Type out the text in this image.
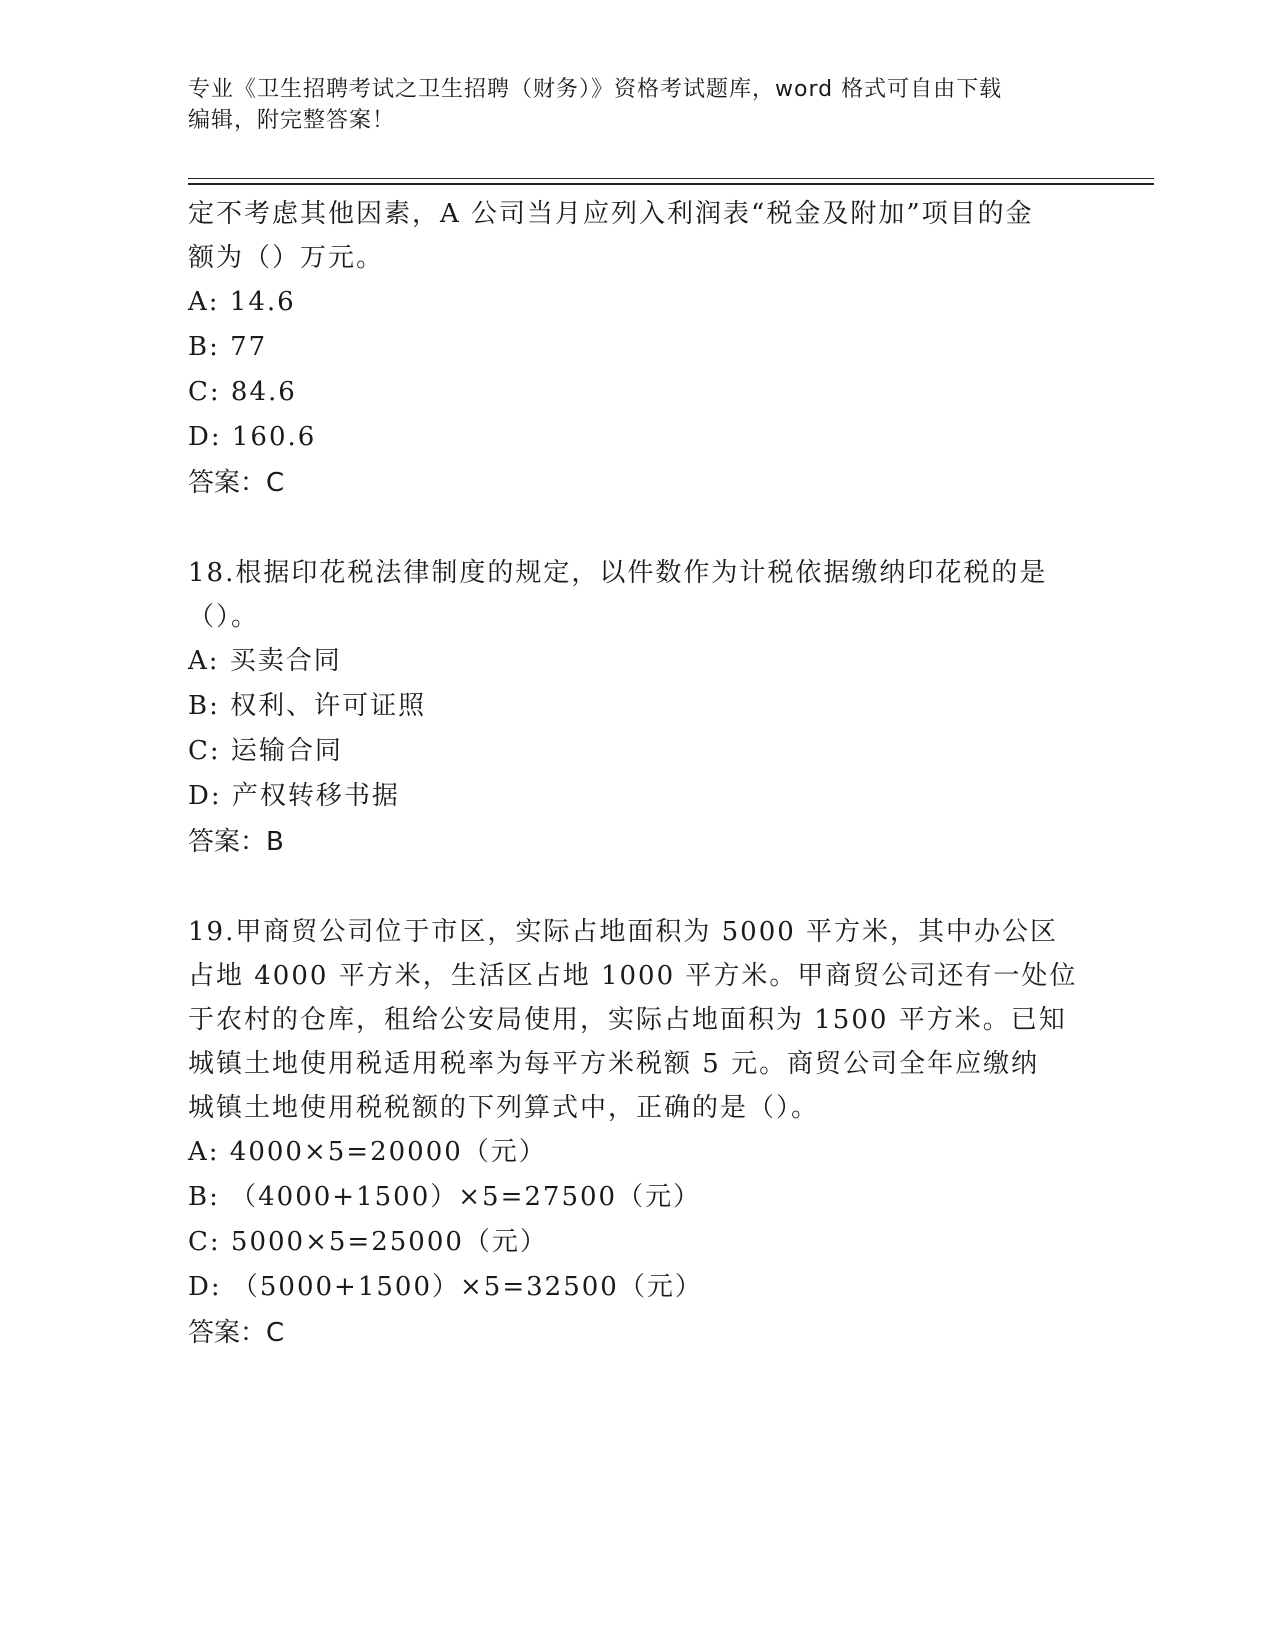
专业《卫生招聘考试之卫生招聘（财务）》资格考试题库，word 格式可自由下载
编辑，附完整答案！

定不考虑其他因素，A 公司当月应列入利润表“税金及附加”项目的金

额为（）万元。

A: 14.6

B: 77

C: 84.6

D: 160.6

答案：C

18.根据印花税法律制度的规定，以件数作为计税依据缴纳印花税的是

（）。

A: 买卖合同

B: 权利、许可证照

C: 运输合同

D: 产权转移书据

答案：B

19.甲商贸公司位于市区，实际占地面积为 5000 平方米，其中办公区

占地 4000 平方米，生活区占地 1000 平方米。甲商贸公司还有一处位

于农村的仓库，租给公安局使用，实际占地面积为 1500 平方米。已知

城镇土地使用税适用税率为每平方米税额 5 元。商贸公司全年应缴纳

城镇土地使用税税额的下列算式中，正确的是（）。

A: 4000×5=20000（元）

B: （4000+1500）×5=27500（元）

C: 5000×5=25000（元）

D: （5000+1500）×5=32500（元）

答案：C
